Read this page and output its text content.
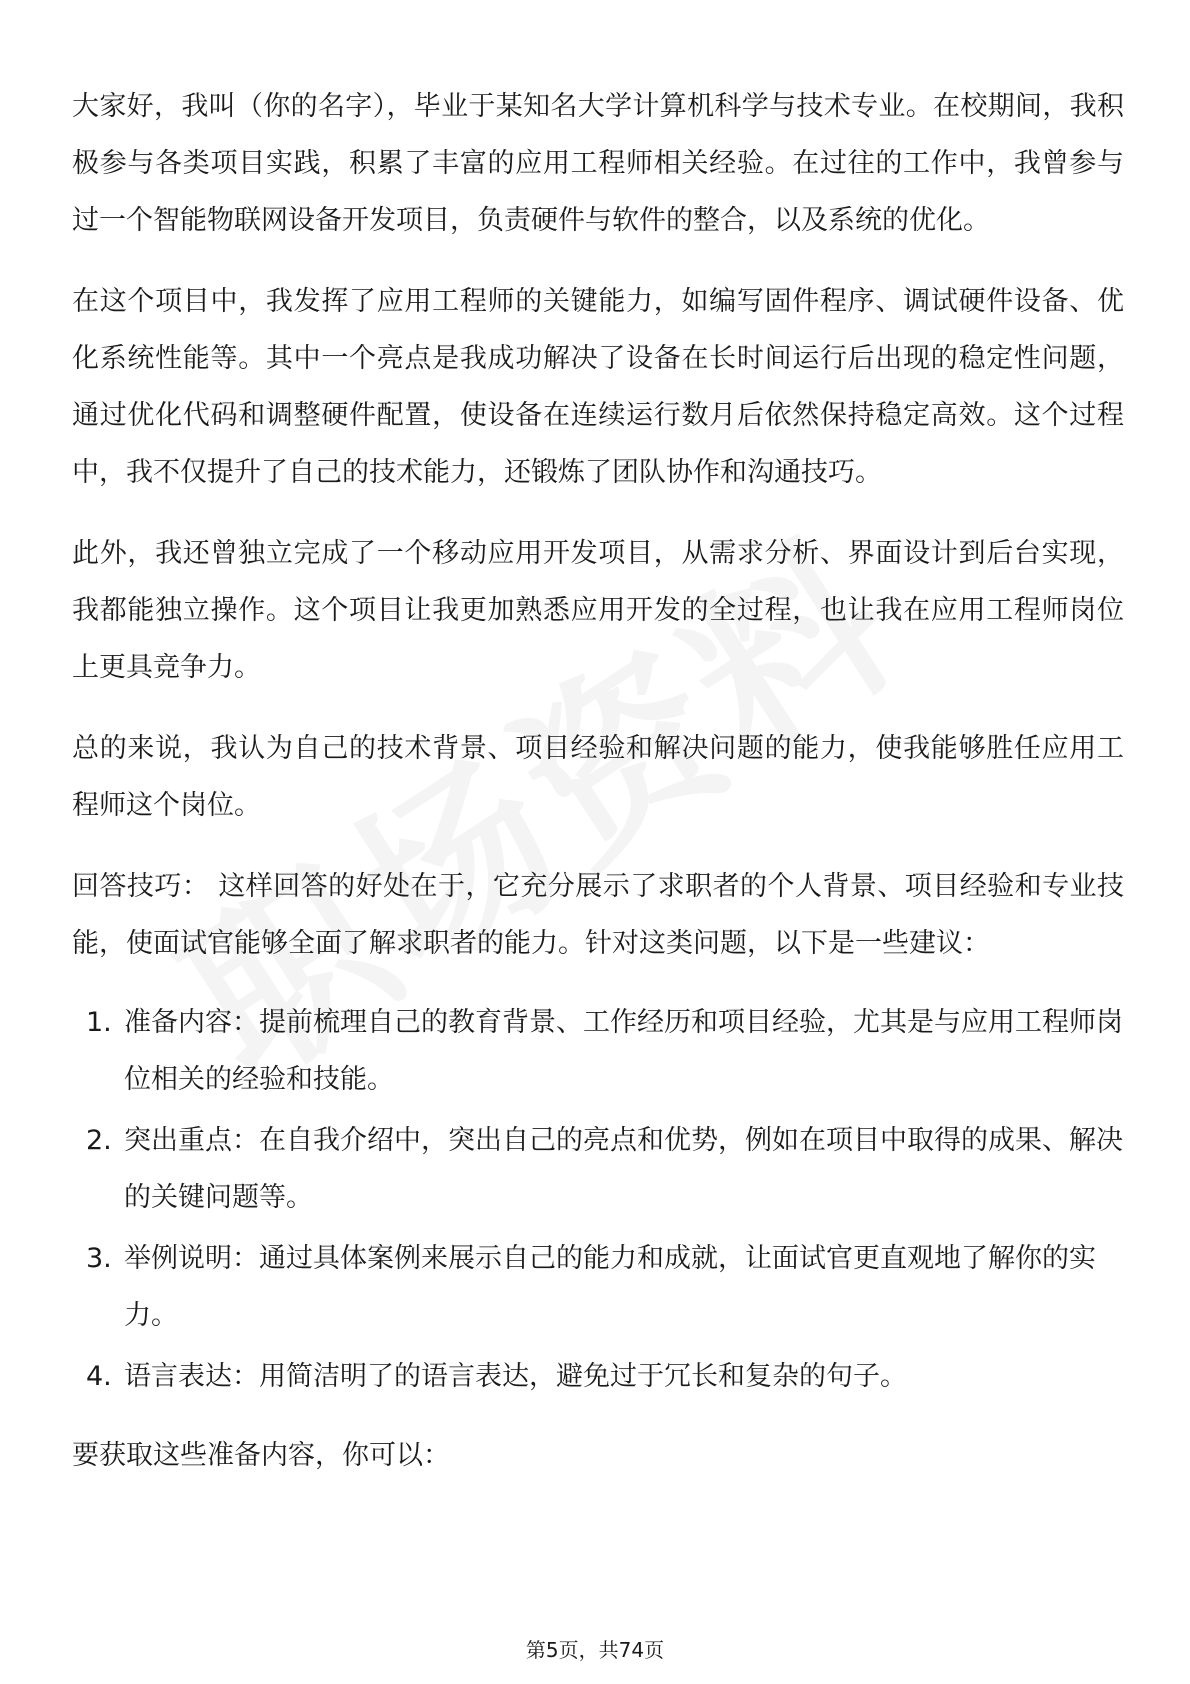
大家好，我叫（你的名字），毕业于某知名大学计算机科学与技术专业。在校期间，我积极参与各类项目实践，积累了丰富的应用工程师相关经验。在过往的工作中，我曾参与过一个智能物联网设备开发项目，负责硬件与软件的整合，以及系统的优化。

在这个项目中，我发挥了应用工程师的关键能力，如编写固件程序、调试硬件设备、优化系统性能等。其中一个亮点是我成功解决了设备在长时间运行后出现的稳定性问题，通过优化代码和调整硬件配置，使设备在连续运行数月后依然保持稳定高效。这个过程中，我不仅提升了自己的技术能力，还锻炼了团队协作和沟通技巧。

此外，我还曾独立完成了一个移动应用开发项目，从需求分析、界面设计到后台实现，我都能独立操作。这个项目让我更加熟悉应用开发的全过程，也让我在应用工程师岗位上更具竞争力。

总的来说，我认为自己的技术背景、项目经验和解决问题的能力，使我能够胜任应用工程师这个岗位。

回答技巧： 这样回答的好处在于，它充分展示了求职者的个人背景、项目经验和专业技能，使面试官能够全面了解求职者的能力。针对这类问题，以下是一些建议：

1. 准备内容：提前梳理自己的教育背景、工作经历和项目经验，尤其是与应用工程师岗位相关的经验和技能。
2. 突出重点：在自我介绍中，突出自己的亮点和优势，例如在项目中取得的成果、解决的关键问题等。
3. 举例说明：通过具体案例来展示自己的能力和成就，让面试官更直观地了解你的实力。
4. 语言表达：用简洁明了的语言表达，避免过于冗长和复杂的句子。

要获取这些准备内容，你可以：

第5页，共74页
